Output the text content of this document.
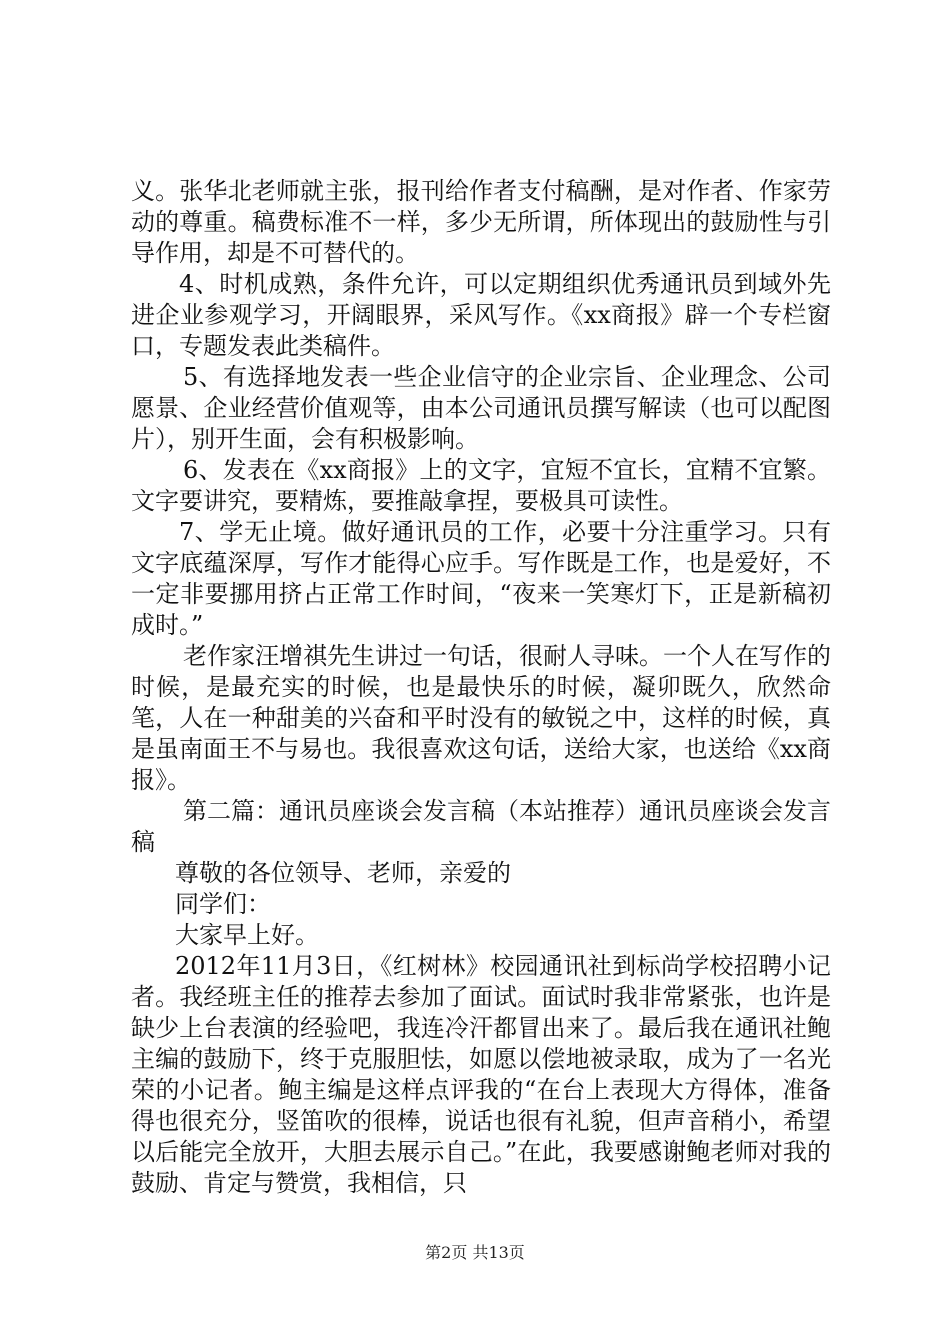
义。张华北老师就主张，报刊给作者支付稿酬，是对作者、作家劳动的尊重。稿费标准不一样，多少无所谓，所体现出的鼓励性与引导作用，却是不可替代的。

4、时机成熟，条件允许，可以定期组织优秀通讯员到域外先进企业参观学习，开阔眼界，采风写作。《xx商报》辟一个专栏窗口，专题发表此类稿件。

5、有选择地发表一些企业信守的企业宗旨、企业理念、公司愿景、企业经营价值观等，由本公司通讯员撰写解读（也可以配图片），别开生面，会有积极影响。

6、发表在《xx商报》上的文字，宜短不宜长，宜精不宜繁。文字要讲究，要精炼，要推敲拿捏，要极具可读性。

7、学无止境。做好通讯员的工作，必要十分注重学习。只有文字底蕴深厚，写作才能得心应手。写作既是工作，也是爱好，不一定非要挪用挤占正常工作时间，“夜来一笑寒灯下，正是新稿初成时。”

老作家汪增祺先生讲过一句话，很耐人寻味。一个人在写作的时候，是最充实的时候，也是最快乐的时候，凝卯既久，欣然命笔，人在一种甜美的兴奋和平时没有的敏锐之中，这样的时候，真是虽南面王不与易也。我很喜欢这句话，送给大家，也送给《xx商报》。

第二篇：通讯员座谈会发言稿（本站推荐）通讯员座谈会发言稿

尊敬的各位领导、老师，亲爱的

同学们：

大家早上好。

2012年11月3日，《红树林》校园通讯社到标尚学校招聘小记者。我经班主任的推荐去参加了面试。面试时我非常紧张，也许是缺少上台表演的经验吧，我连冷汗都冒出来了。最后我在通讯社鲍主编的鼓励下，终于克服胆怯，如愿以偿地被录取，成为了一名光荣的小记者。鲍主编是这样点评我的“在台上表现大方得体，准备得也很充分，竖笛吹的很棒，说话也很有礼貌，但声音稍小，希望以后能完全放开，大胆去展示自己。”在此，我要感谢鲍老师对我的鼓励、肯定与赞赏，我相信，只

第2页 共13页
